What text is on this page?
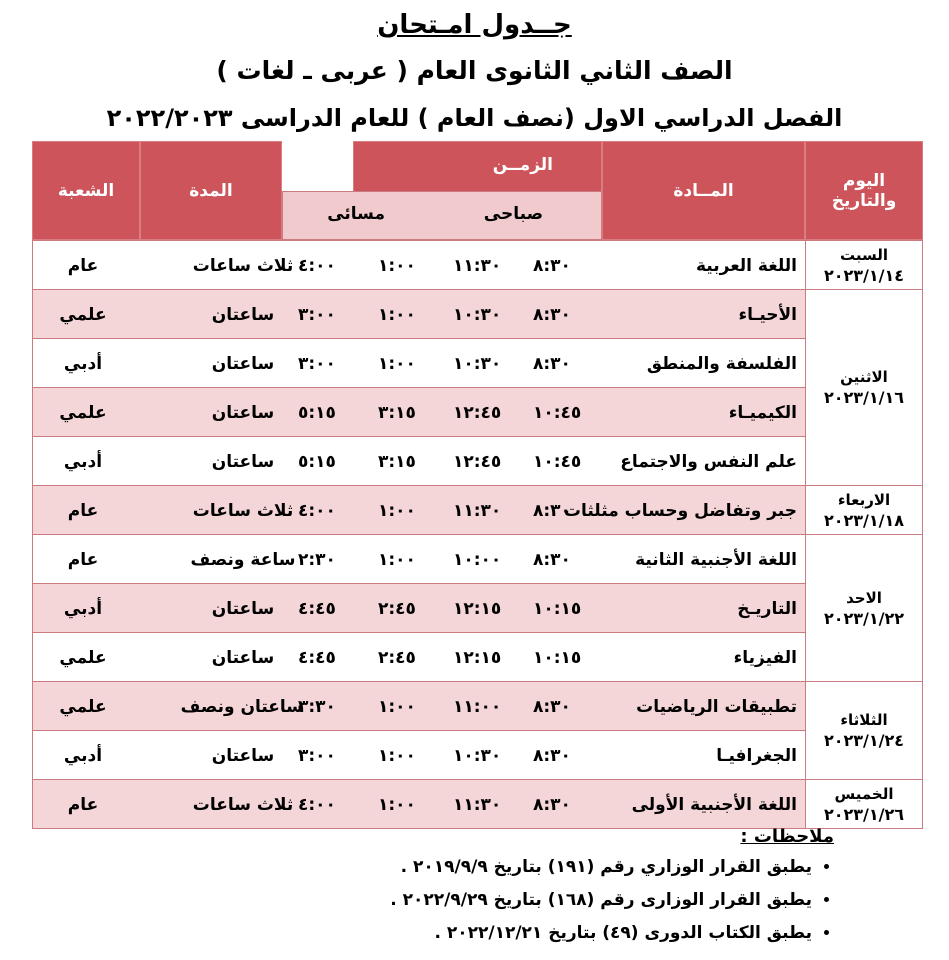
جــدول امـتحان
الصف الثاني الثانوى العام ( عربى ـ لغات )
الفصل الدراسي الاول (نصف العام ) للعام الدراسى ٢٠٢٢/٢٠٢٣
اليوم
والتاريخ
المــادة
الزمــن
الزمن
صباحى
مسائى
المدة
الشعبة
اللغة العربية
٨:٣٠
١١:٣٠
١:٠٠
٤:٠٠
ثلاث ساعات
عام
الأحيـاء
٨:٣٠
١٠:٣٠
١:٠٠
٣:٠٠
ساعتان
علمي
الفلسفة والمنطق
٨:٣٠
١٠:٣٠
١:٠٠
٣:٠٠
ساعتان
أدبي
الكيميـاء
١٠:٤٥
١٢:٤٥
٣:١٥
٥:١٥
ساعتان
علمي
علم النفس والاجتماع
١٠:٤٥
١٢:٤٥
٣:١٥
٥:١٥
ساعتان
أدبي
جبر وتفاضل وحساب مثلثات
٨:٣٠
١١:٣٠
١:٠٠
٤:٠٠
ثلاث ساعات
عام
اللغة الأجنبية الثانية
٨:٣٠
١٠:٠٠
١:٠٠
٢:٣٠
ساعة ونصف
عام
التاريـخ
١٠:١٥
١٢:١٥
٢:٤٥
٤:٤٥
ساعتان
أدبي
الفيزياء
١٠:١٥
١٢:١٥
٢:٤٥
٤:٤٥
ساعتان
علمي
تطبيقات الرياضيات
٨:٣٠
١١:٠٠
١:٠٠
٣:٣٠
ساعتان ونصف
علمي
الجغرافيـا
٨:٣٠
١٠:٣٠
١:٠٠
٣:٠٠
ساعتان
أدبي
اللغة الأجنبية الأولى
٨:٣٠
١١:٣٠
١:٠٠
٤:٠٠
ثلاث ساعات
عام
السبت
٢٠٢٣/١/١٤
الاثنين
٢٠٢٣/١/١٦
الاربعاء
٢٠٢٣/١/١٨
الاحد
٢٠٢٣/١/٢٢
الثلاثاء
٢٠٢٣/١/٢٤
الخميس
٢٠٢٣/١/٢٦
ملاحظات :
• يطبق القرار الوزاري رقم (١٩١) بتاريخ ٢٠١٩/٩/٩ .
• يطبق القرار الوزارى رقم (١٦٨) بتاريخ ٢٠٢٢/٩/٢٩ .
• يطبق الكتاب الدورى (٤٩) بتاريخ ٢٠٢٢/١٢/٢١ .
